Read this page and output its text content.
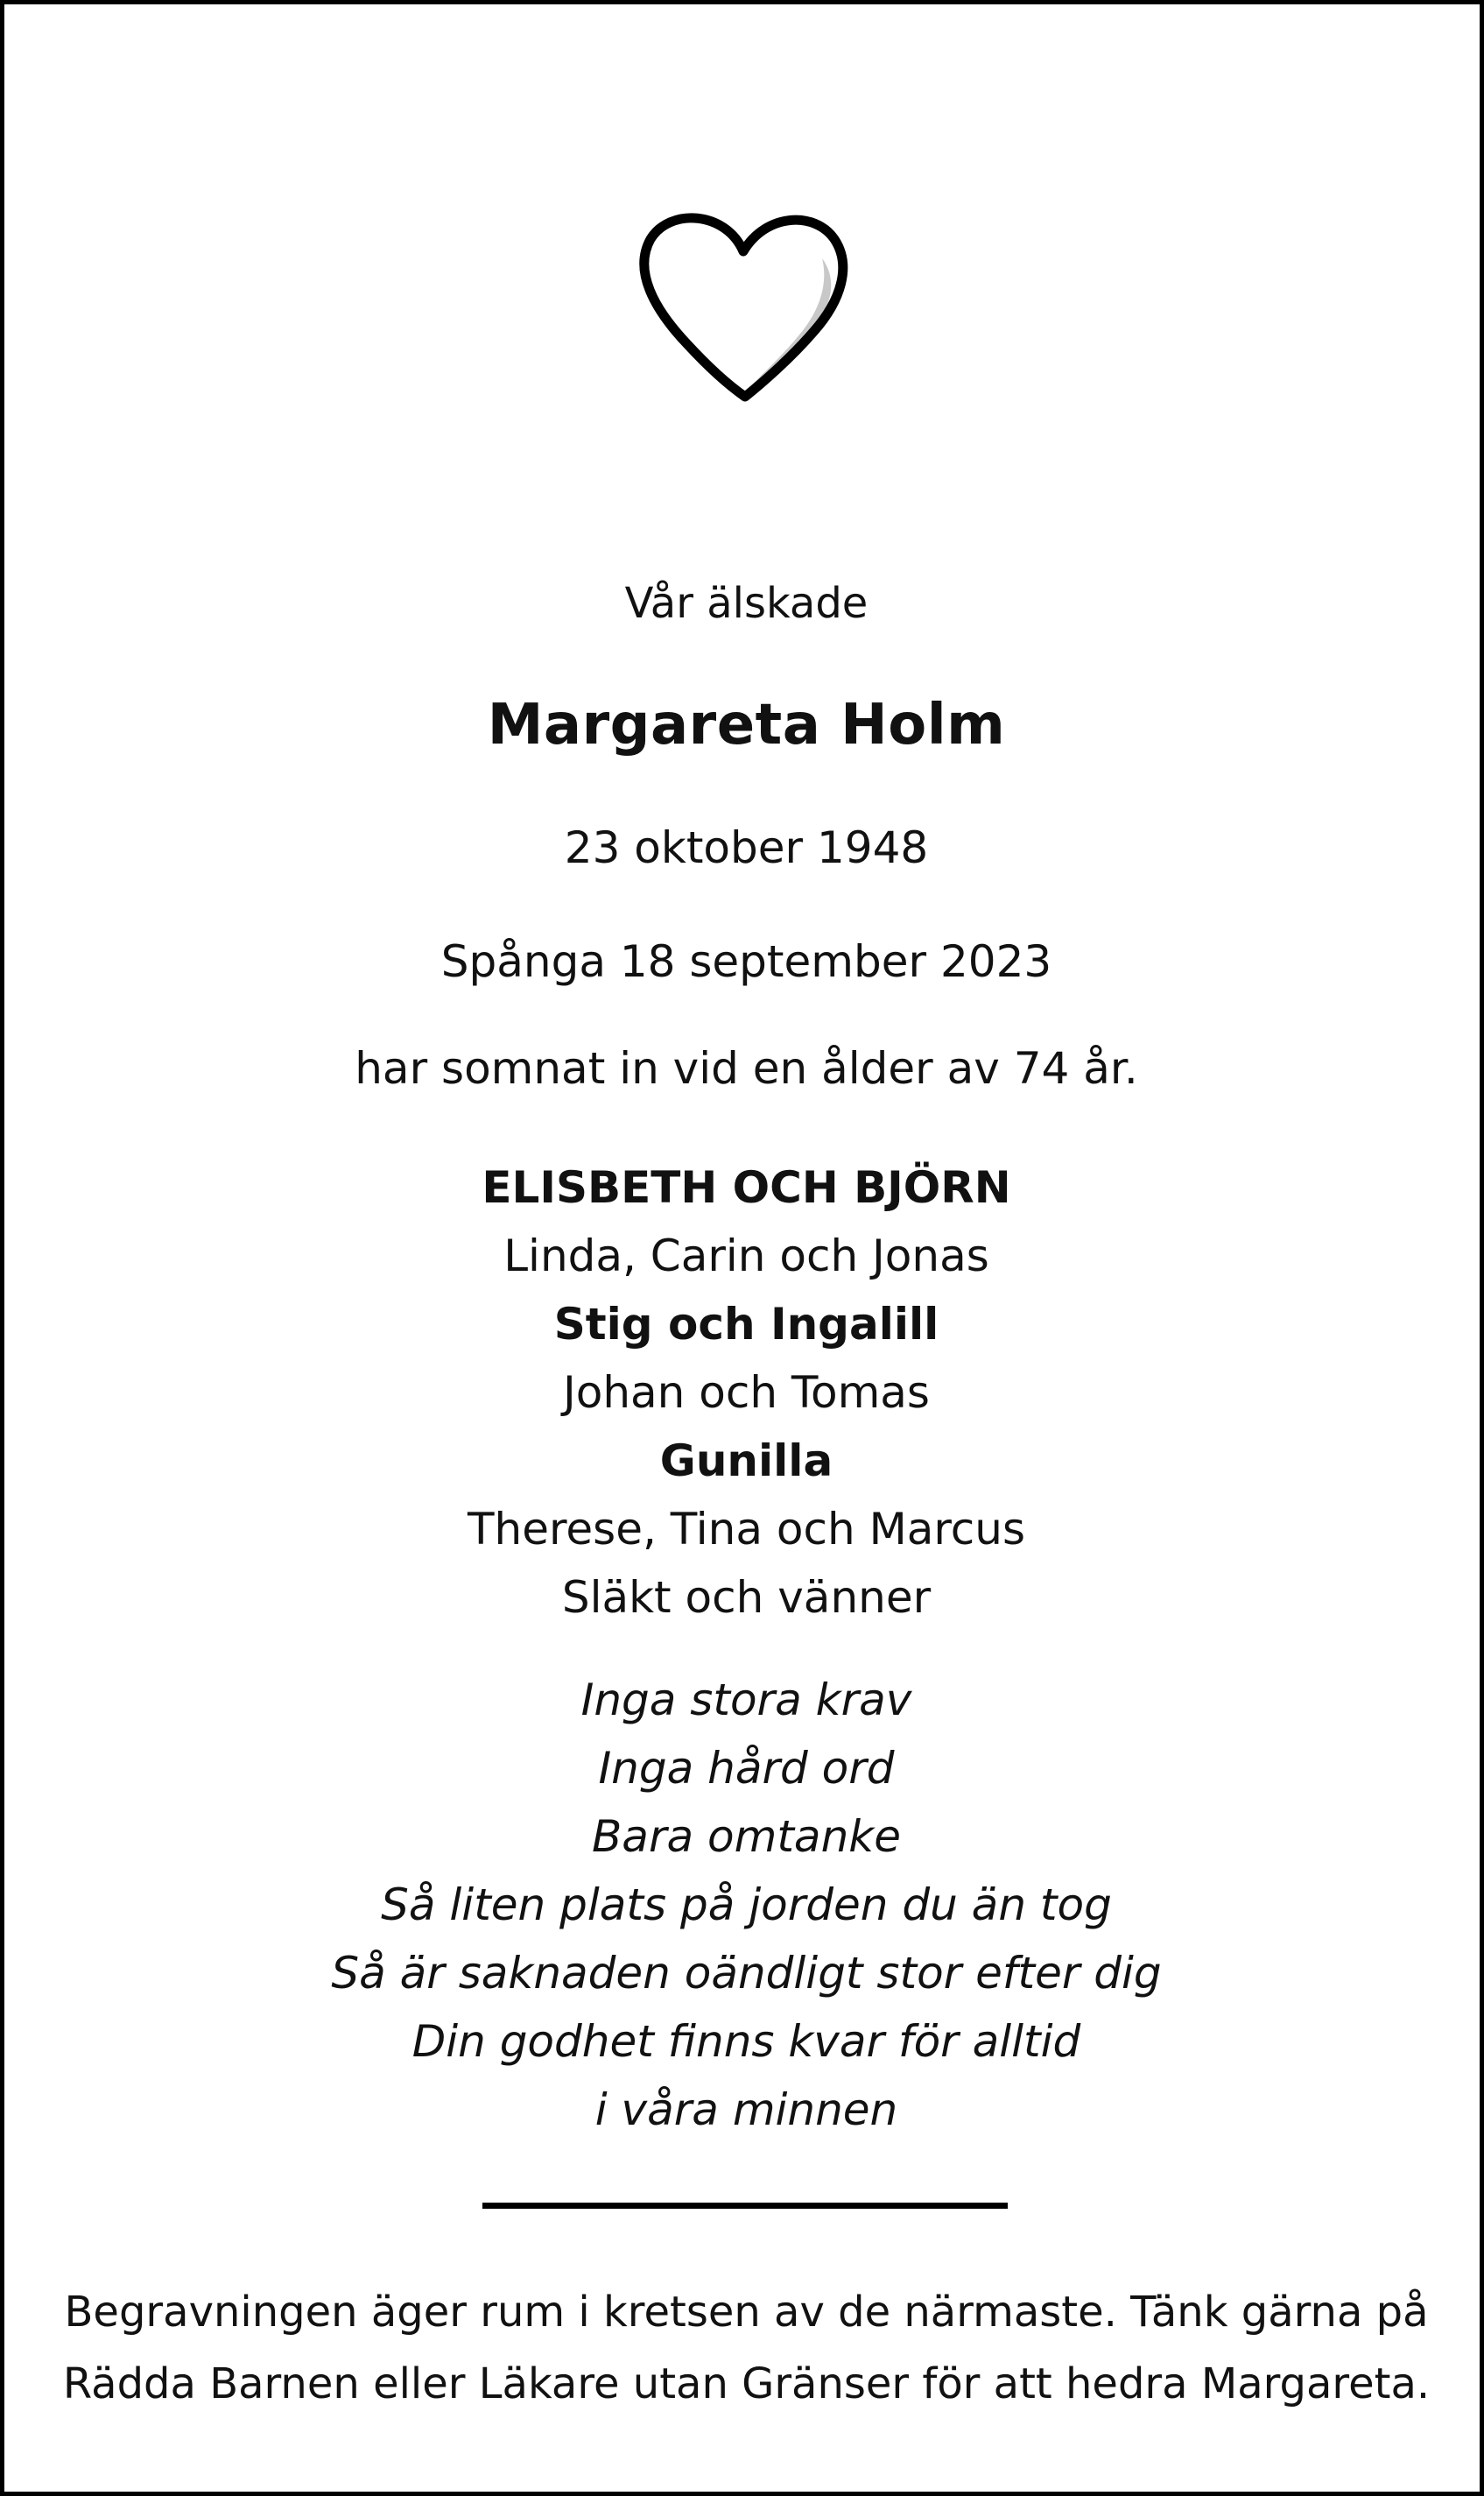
Vår älskade
Margareta Holm
23 oktober 1948
Spånga 18 september 2023
har somnat in vid en ålder av 74 år.
ELISBETH OCH BJÖRN
Linda, Carin och Jonas
Stig och Ingalill
Johan och Tomas
Gunilla
Therese, Tina och Marcus
Släkt och vänner
Inga stora krav
Inga hård ord
Bara omtanke
Så liten plats på jorden du än tog
Så är saknaden oändligt stor efter dig
Din godhet finns kvar för alltid
i våra minnen
Begravningen äger rum i kretsen av de närmaste. Tänk gärna på
Rädda Barnen eller Läkare utan Gränser för att hedra Margareta.
